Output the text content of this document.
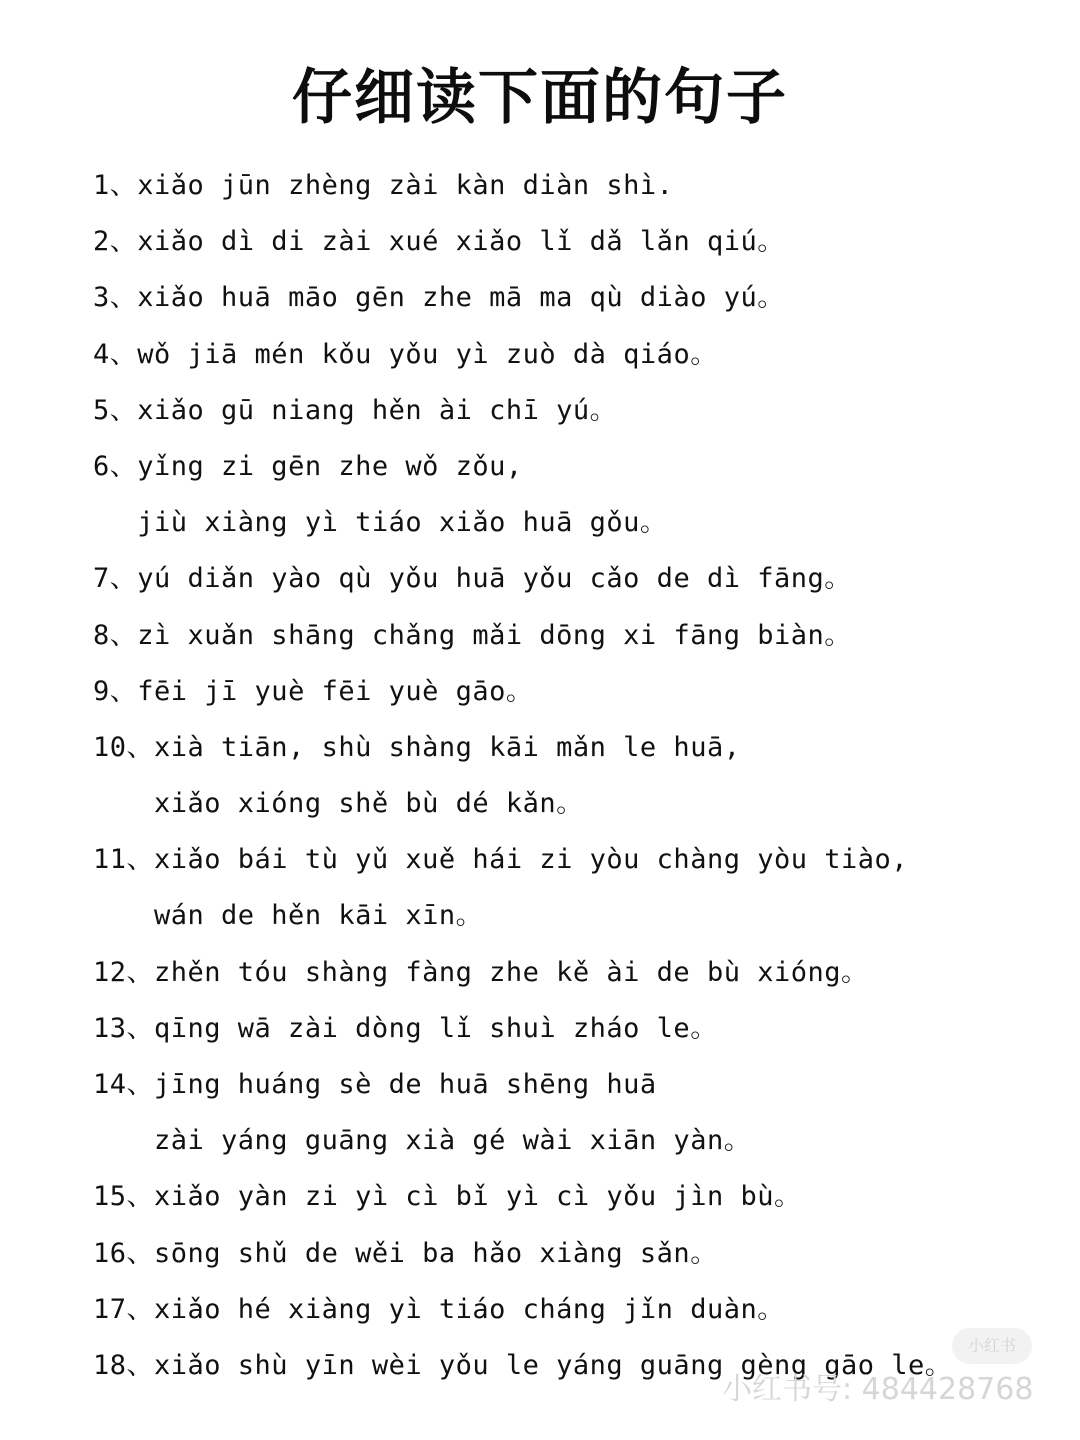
仔细读下面的句子
1、xiǎo jūn zhèng zài kàn diàn shì.
2、xiǎo dì di zài xué xiǎo lǐ dǎ lǎn qiú。
3、xiǎo huā māo gēn zhe mā ma qù diào yú。
4、wǒ jiā mén kǒu yǒu yì zuò dà qiáo。
5、xiǎo gū niang hěn ài chī yú。
6、yǐng zi gēn zhe wǒ zǒu,
jiù xiàng yì tiáo xiǎo huā gǒu。
7、yú diǎn yào qù yǒu huā yǒu cǎo de dì fāng。
8、zì xuǎn shāng chǎng mǎi dōng xi fāng biàn。
9、fēi jī yuè fēi yuè gāo。
10、xià tiān, shù shàng kāi mǎn le huā,
xiǎo xióng shě bù dé kǎn。
11、xiǎo bái tù yǔ xuě hái zi yòu chàng yòu tiào,
wán de hěn kāi xīn。
12、zhěn tóu shàng fàng zhe kě ài de bù xióng。
13、qīng wā zài dòng lǐ shuì zháo le。
14、jīng huáng sè de huā shēng huā
zài yáng guāng xià gé wài xiān yàn。
15、xiǎo yàn zi yì cì bǐ yì cì yǒu jìn bù。
16、sōng shǔ de wěi ba hǎo xiàng sǎn。
17、xiǎo hé xiàng yì tiáo cháng jǐn duàn。
18、xiǎo shù yīn wèi yǒu le yáng guāng gèng gāo le。
小红书
小红书号: 484428768
